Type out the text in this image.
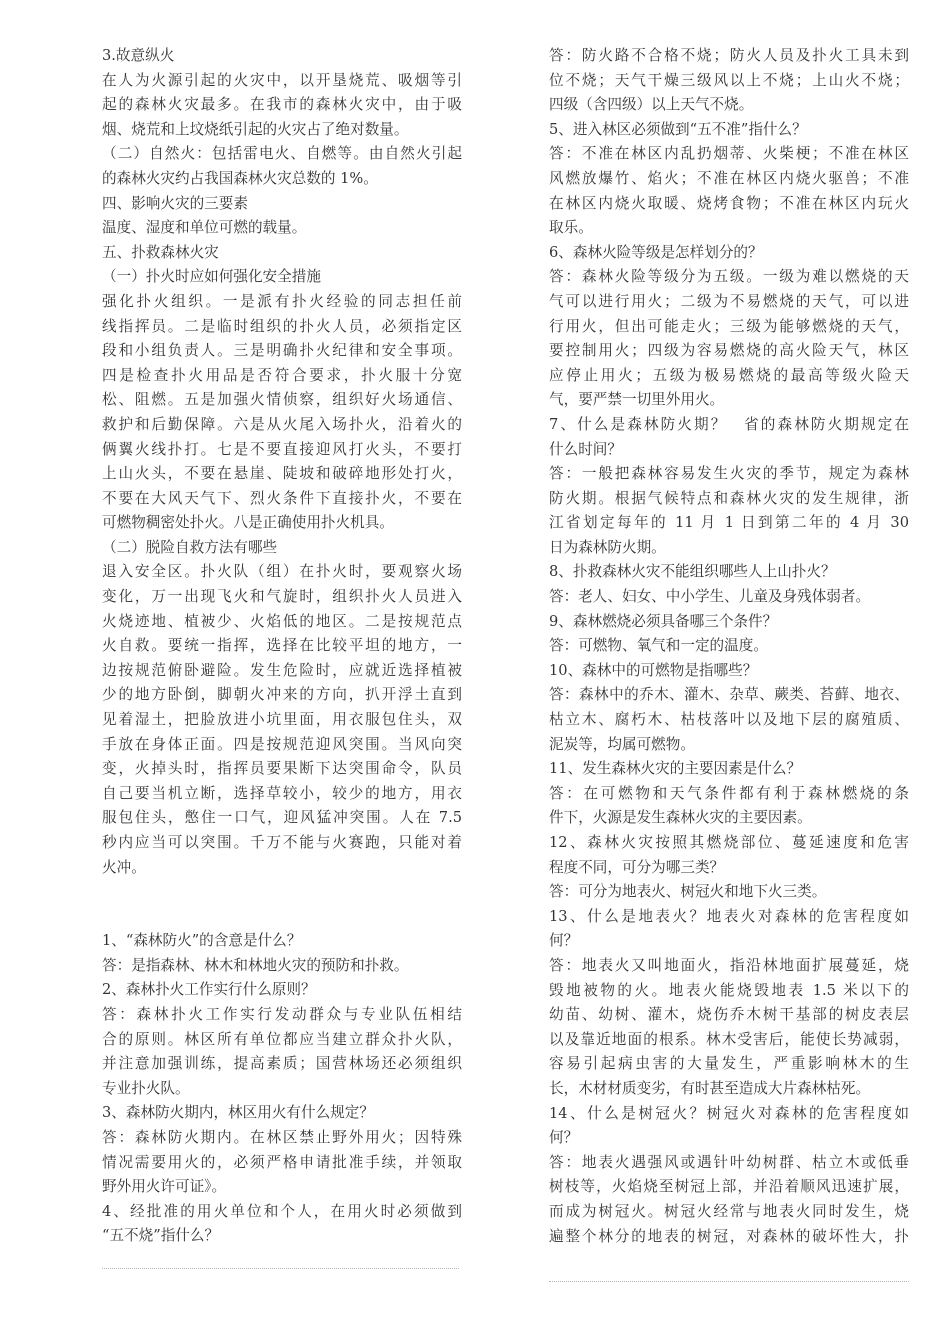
3.故意纵火
在人为火源引起的火灾中，以开垦烧荒、吸烟等引
起的森林火灾最多。在我市的森林火灾中，由于吸
烟、烧荒和上坟烧纸引起的火灾占了绝对数量。
（二）自然火：包括雷电火、自燃等。由自然火引起
的森林火灾约占我国森林火灾总数的 1%。
四、影响火灾的三要素
温度、湿度和单位可燃的载量。
五、扑救森林火灾
（一）扑火时应如何强化安全措施
强化扑火组织。一是派有扑火经验的同志担任前
线指挥员。二是临时组织的扑火人员，必须指定区
段和小组负责人。三是明确扑火纪律和安全事项。
四是检查扑火用品是否符合要求，扑火服十分宽
松、阻燃。五是加强火情侦察，组织好火场通信、
救护和后勤保障。六是从火尾入场扑火，沿着火的
俩翼火线扑打。七是不要直接迎风打火头，不要打
上山火头，不要在悬崖、陡坡和破碎地形处打火，
不要在大风天气下、烈火条件下直接扑火，不要在
可燃物稠密处扑火。八是正确使用扑火机具。
（二）脱险自救方法有哪些
退入安全区。扑火队（组）在扑火时，要观察火场
变化，万一出现飞火和气旋时，组织扑火人员进入
火烧迹地、植被少、火焰低的地区。二是按规范点
火自救。要统一指挥，选择在比较平坦的地方，一
边按规范俯卧避险。发生危险时，应就近选择植被
少的地方卧倒，脚朝火冲来的方向，扒开浮土直到
见着湿土，把脸放进小坑里面，用衣服包住头，双
手放在身体正面。四是按规范迎风突围。当风向突
变，火掉头时，指挥员要果断下达突围命令，队员
自己要当机立断，选择草较小，较少的地方，用衣
服包住头，憋住一口气，迎风猛冲突围。人在 7.5
秒内应当可以突围。千万不能与火赛跑，只能对着
火冲。
1、“森林防火”的含意是什么？
答：是指森林、林木和林地火灾的预防和扑救。
2、森林扑火工作实行什么原则？
答：森林扑火工作实行发动群众与专业队伍相结
合的原则。林区所有单位都应当建立群众扑火队，
并注意加强训练，提高素质；国营林场还必须组织
专业扑火队。
3、森林防火期内，林区用火有什么规定？
答：森林防火期内。在林区禁止野外用火；因特殊
情况需要用火的，必须严格申请批准手续，并领取
野外用火许可证》。
4、经批准的用火单位和个人，在用火时必须做到
“五不烧”指什么？
答：防火路不合格不烧；防火人员及扑火工具未到
位不烧；天气干燥三级风以上不烧；上山火不烧；
四级（含四级）以上天气不烧。
5、进入林区必须做到“五不准”指什么？
答：不准在林区内乱扔烟蒂、火柴梗；不准在林区
风燃放爆竹、焰火；不准在林区内烧火驱兽；不准
在林区内烧火取暖、烧烤食物；不准在林区内玩火
取乐。
6、森林火险等级是怎样划分的？
答：森林火险等级分为五级。一级为难以燃烧的天
气可以进行用火；二级为不易燃烧的天气，可以进
行用火，但出可能走火；三级为能够燃烧的天气，
要控制用火；四级为容易燃烧的高火险天气，林区
应停止用火；五级为极易燃烧的最高等级火险天
气，要严禁一切里外用火。
7、什么是森林防火期？　省的森林防火期规定在
什么时间？
答：一般把森林容易发生火灾的季节，规定为森林
防火期。根据气候特点和森林火灾的发生规律，浙
江省划定每年的 11 月 1 日到第二年的 4 月 30
日为森林防火期。
8、扑救森林火灾不能组织哪些人上山扑火？
答：老人、妇女、中小学生、儿童及身残体弱者。
9、森林燃烧必须具备哪三个条件？
答：可燃物、氧气和一定的温度。
10、森林中的可燃物是指哪些？
答：森林中的乔木、灌木、杂草、蕨类、苔藓、地衣、
枯立木、腐朽木、枯枝落叶以及地下层的腐殖质、
泥炭等，均属可燃物。
11、发生森林火灾的主要因素是什么？
答：在可燃物和天气条件都有利于森林燃烧的条
件下，火源是发生森林火灾的主要因素。
12、森林火灾按照其燃烧部位、蔓延速度和危害
程度不同，可分为哪三类？
答：可分为地表火、树冠火和地下火三类。
13、什么是地表火？地表火对森林的危害程度如
何？
答：地表火又叫地面火，指沿林地面扩展蔓延，烧
毁地被物的火。地表火能烧毁地表 1.5 米以下的
幼苗、幼树、灌木，烧伤乔木树干基部的树皮表层
以及靠近地面的根系。林木受害后，能使长势减弱，
容易引起病虫害的大量发生，严重影响林木的生
长，木材材质变劣，有时甚至造成大片森林枯死。
14、什么是树冠火？树冠火对森林的危害程度如
何？
答：地表火遇强风或遇针叶幼树群、枯立木或低垂
树枝等，火焰烧至树冠上部，并沿着顺风迅速扩展，
而成为树冠火。树冠火经常与地表火同时发生，烧
遍整个林分的地表的树冠，对森林的破坏性大，扑
